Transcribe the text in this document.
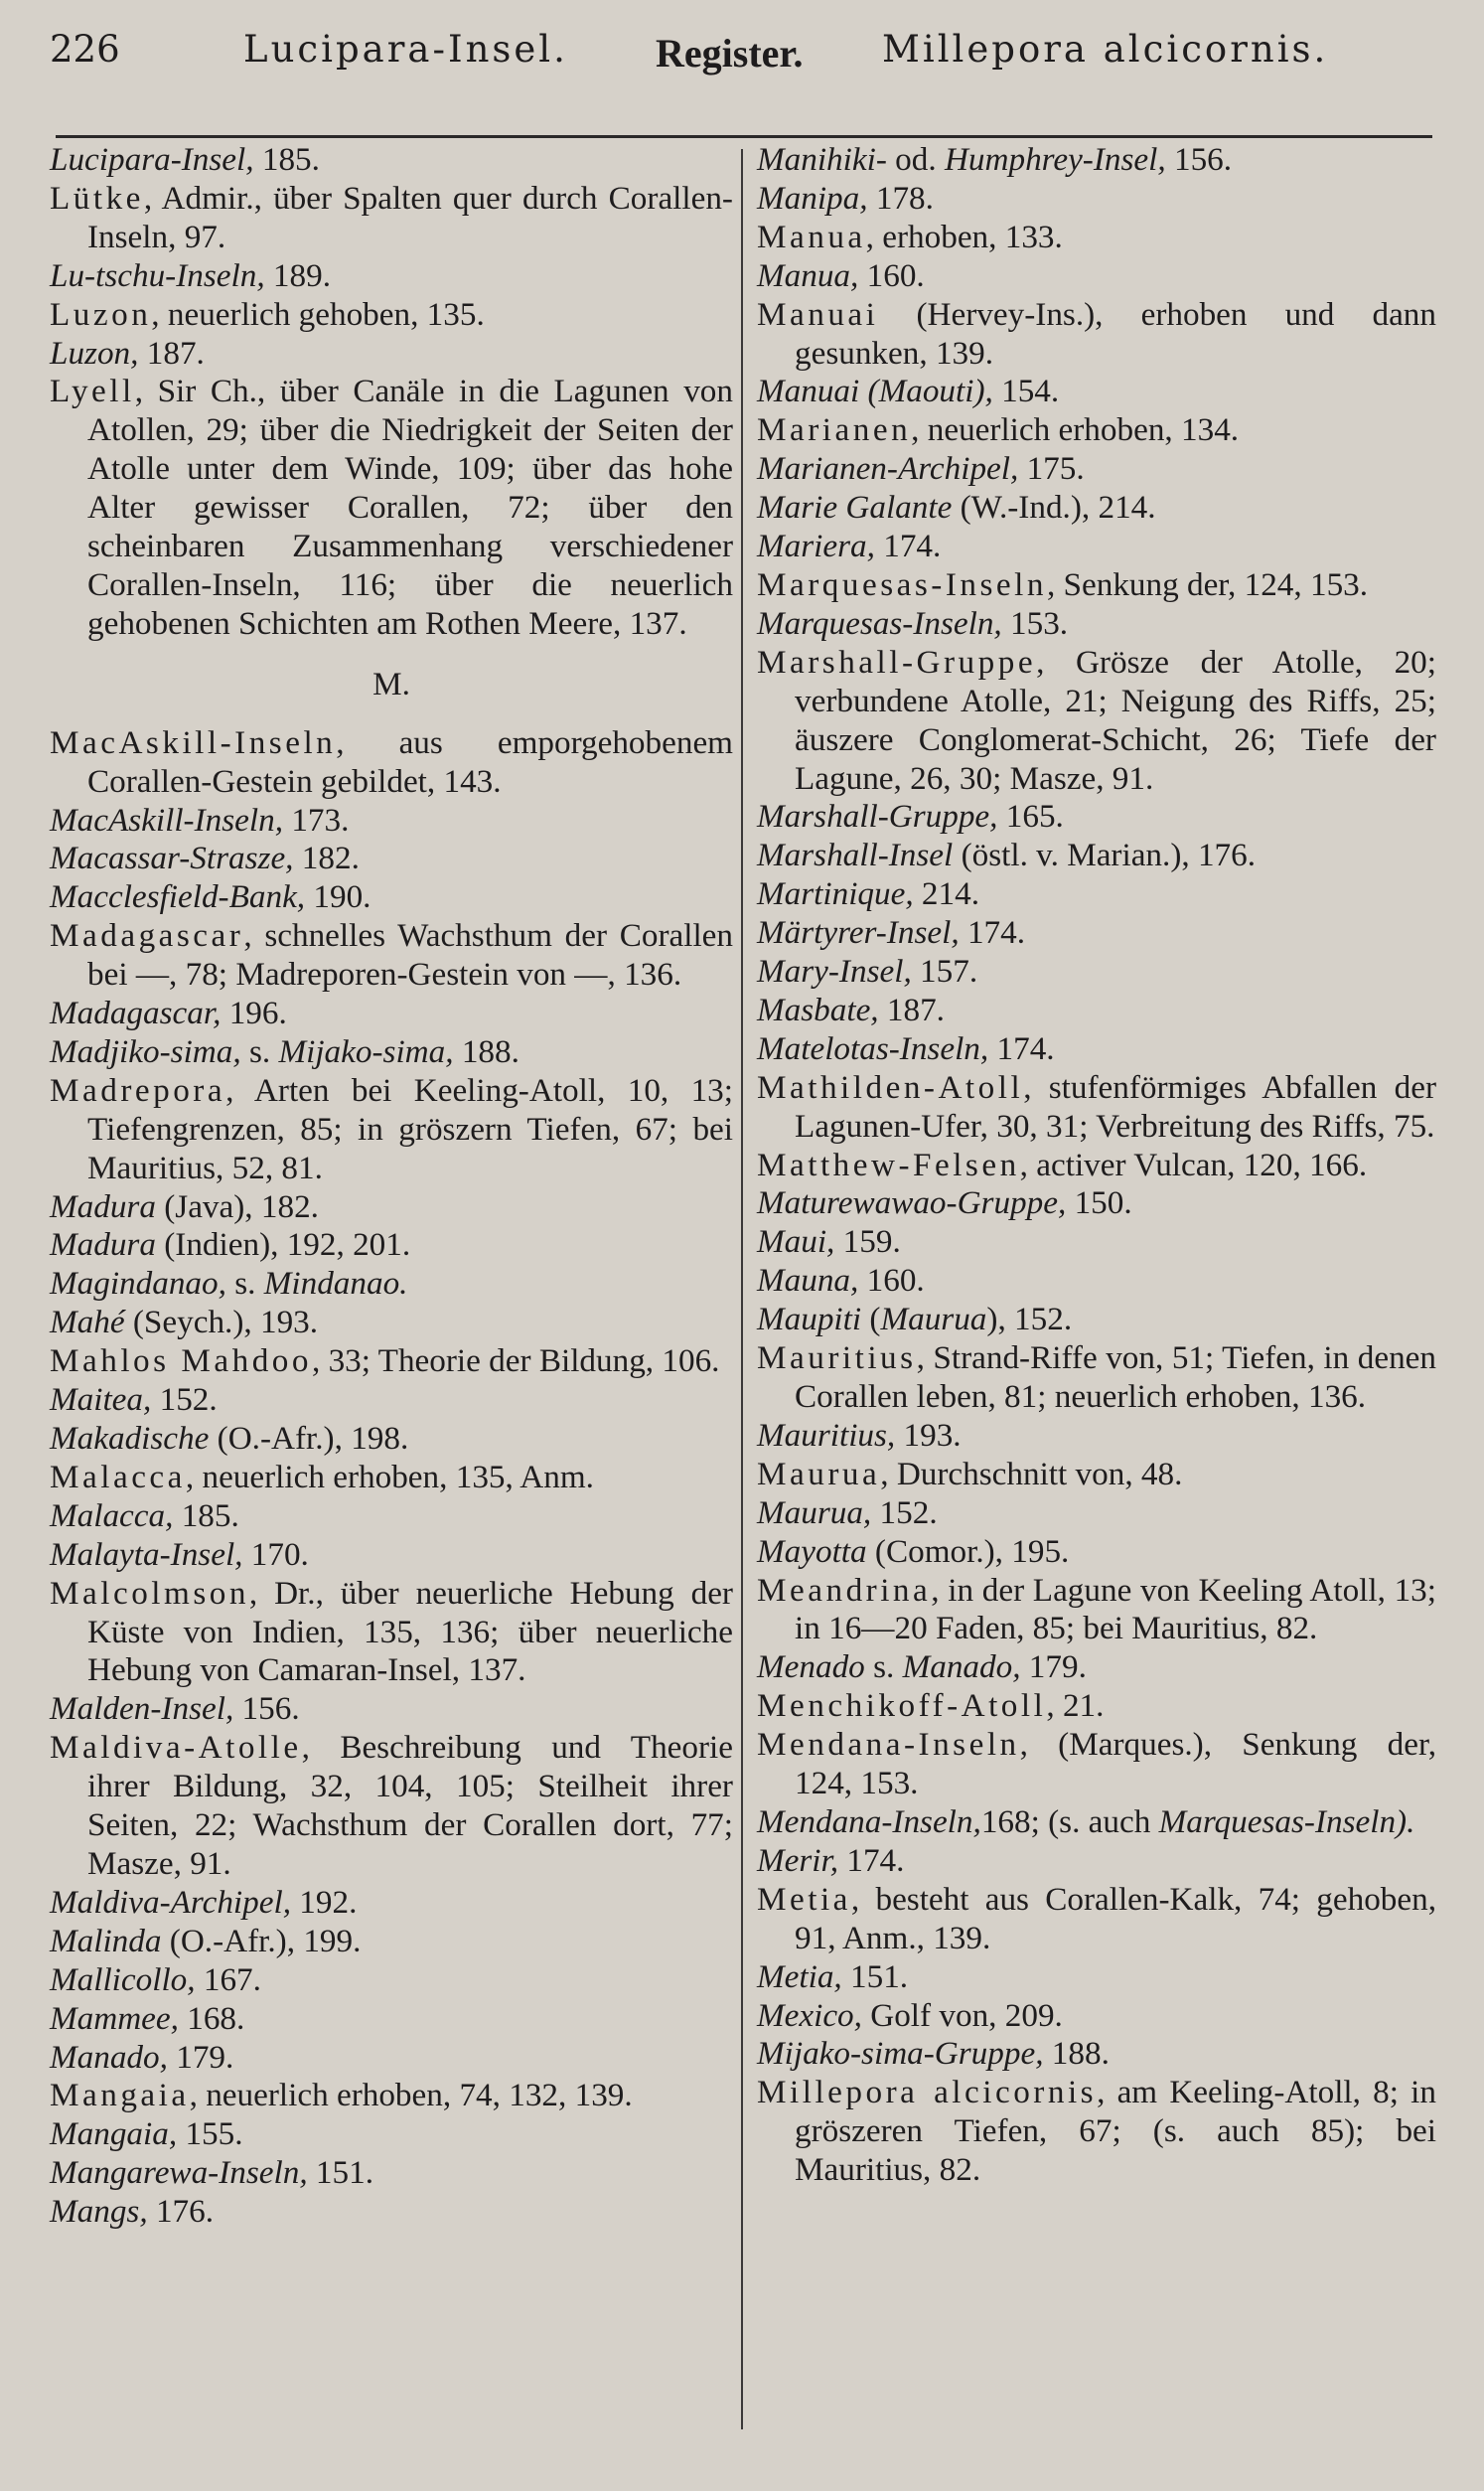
226	Lucipara-Insel. Register. Millepora alcicornis.

Lucipara-Insel, 185.

Lütke, Admir., über Spalten quer durch Corallen-Inseln, 97.

Lu-tschu-Inseln, 189.

Luzon, neuerlich gehoben, 135.

Luzon, 187.

Lyell, Sir Ch., über Canäle in die Lagunen von Atollen, 29; über die Niedrigkeit der Seiten der Atolle unter dem Winde, 109; über das hohe Alter gewisser Corallen, 72; über den scheinbaren Zusammenhang verschiedener Corallen-Inseln, 116; über die neuerlich gehobenen Schichten am Rothen Meere, 137.

M.

MacAskill-Inseln, aus emporgehobenem Corallen-Gestein gebildet, 143.

MacAskill-Inseln, 173.

Macassar-Strasze, 182.

Macclesfield-Bank, 190.

Madagascar, schnelles Wachsthum der Corallen bei —, 78; Madreporen-Gestein von —, 136.

Madagascar, 196.

Madjiko-sima, s. Mijako-sima, 188.

Madrepora, Arten bei Keeling-Atoll, 10, 13; Tiefengrenzen, 85; in gröszern Tiefen, 67; bei Mauritius, 52, 81.

Madura (Java), 182.

Madura (Indien), 192, 201.

Magindanao, s. Mindanao.

Mahé (Seych.), 193.

Mahlos Mahdoo, 33; Theorie der Bildung, 106.

Maitea, 152.

Makadische (O.-Afr.), 198.

Malacca, neuerlich erhoben, 135, Anm.

Malacca, 185.

Malayta-Insel, 170.

Malcolmson, Dr., über neuerliche Hebung der Küste von Indien, 135, 136; über neuerliche Hebung von Camaran-Insel, 137.

Malden-Insel, 156.

Maldiva-Atolle, Beschreibung und Theorie ihrer Bildung, 32, 104, 105; Steilheit ihrer Seiten, 22; Wachsthum der Corallen dort, 77; Masze, 91.

Maldiva-Archipel, 192.

Malinda (O.-Afr.), 199.

Mallicollo, 167.

Mammee, 168.

Manado, 179.

Mangaia, neuerlich erhoben, 74, 132, 139.

Mangaia, 155.

Mangarewa-Inseln, 151.

Mangs, 176.

Manihiki- od. Humphrey-Insel, 156.

Manipa, 178.

Manua, erhoben, 133.

Manua, 160.

Manuai (Hervey-Ins.), erhoben und dann gesunken, 139.

Manuai (Maouti), 154.

Marianen, neuerlich erhoben, 134.

Marianen-Archipel, 175.

Marie Galante (W.-Ind.), 214.

Mariera, 174.

Marquesas-Inseln, Senkung der, 124, 153.

Marquesas-Inseln, 153.

Marshall-Gruppe, Grösze der Atolle, 20; verbundene Atolle, 21; Neigung des Riffs, 25; äuszere Conglomerat-Schicht, 26; Tiefe der Lagune, 26, 30; Masze, 91.

Marshall-Gruppe, 165.

Marshall-Insel (östl. v. Marian.), 176.

Martinique, 214.

Märtyrer-Insel, 174.

Mary-Insel, 157.

Masbate, 187.

Matelotas-Inseln, 174.

Mathilden-Atoll, stufenförmiges Abfallen der Lagunen-Ufer, 30, 31; Verbreitung des Riffs, 75.

Matthew-Felsen, activer Vulcan, 120, 166.

Maturewawao-Gruppe, 150.

Maui, 159.

Mauna, 160.

Maupiti (Maurua), 152.

Mauritius, Strand-Riffe von, 51; Tiefen, in denen Corallen leben, 81; neuerlich erhoben, 136.

Mauritius, 193.

Maurua, Durchschnitt von, 48.

Maurua, 152.

Mayotta (Comor.), 195.

Meandrina, in der Lagune von Keeling Atoll, 13; in 16—20 Faden, 85; bei Mauritius, 82.

Menado s. Manado, 179.

Menchikoff-Atoll, 21.

Mendana-Inseln, (Marques.), Senkung der, 124, 153.

Mendana-Inseln,168; (s. auch Marquesas-Inseln).

Merir, 174.

Metia, besteht aus Corallen-Kalk, 74; gehoben, 91, Anm., 139.

Metia, 151.

Mexico, Golf von, 209.

Mijako-sima-Gruppe, 188.

Millepora alcicornis, am Keeling-Atoll, 8; in gröszeren Tiefen, 67; (s. auch 85); bei Mauritius, 82.
